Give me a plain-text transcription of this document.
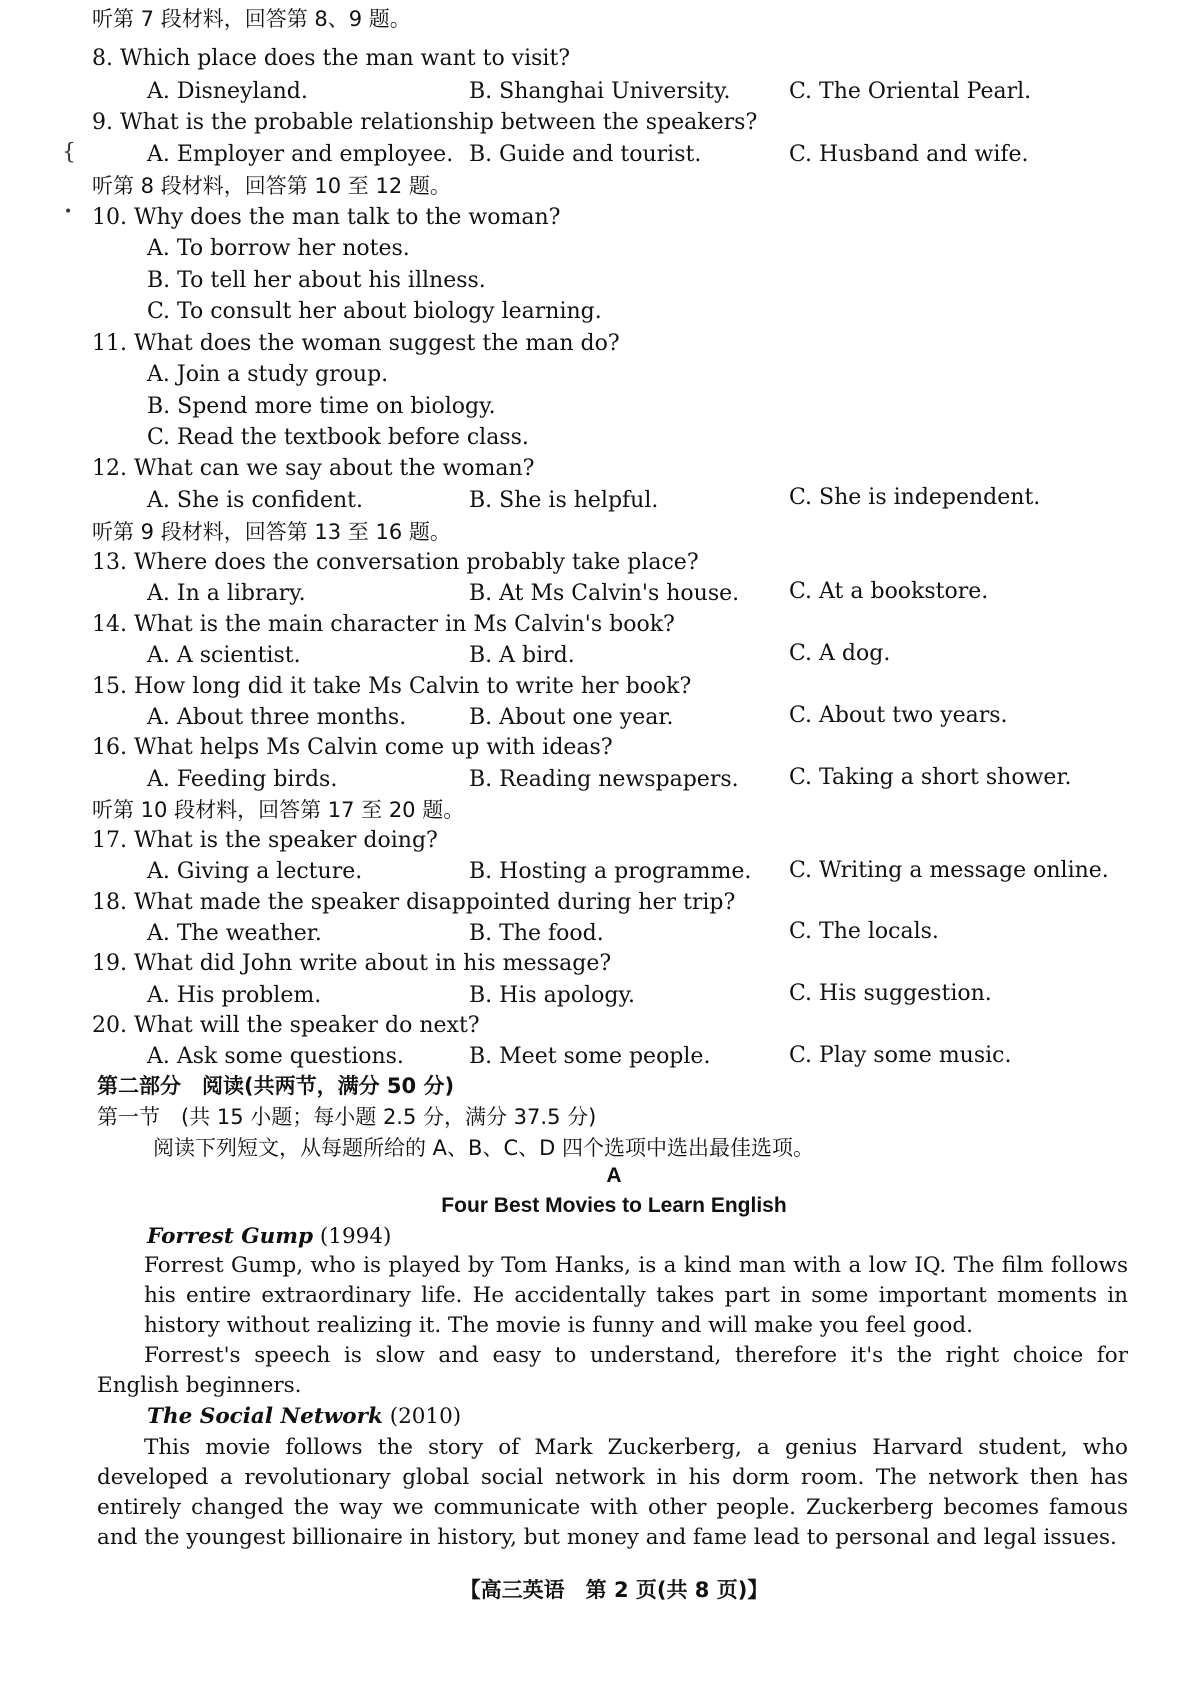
听第 7 段材料，回答第 8、9 题。
8. Which place does the man want to visit?
A. Disneyland.	B. Shanghai University.	C. The Oriental Pearl.
9. What is the probable relationship between the speakers?
{	A. Employer and employee. B. Guide and tourist.	C. Husband and wife.
听第 8 段材料，回答第 10 至 12 题。
• 10. Why does the man talk to the woman?
A. To borrow her notes.
B. To tell her about his illness.
C. To consult her about biology learning.
11. What does the woman suggest the man do?
A. Join a study group.
B. Spend more time on biology.
C. Read the textbook before class.
12. What can we say about the woman?
A. She is confident.	B. She is helpful.	C. She is independent.
听第 9 段材料，回答第 13 至 16 题。
13. Where does the conversation probably take place?
A. In a library.	B. At Ms Calvin's house. C. At a bookstore.
14. What is the main character in Ms Calvin's book?
A. A scientist.	B. A bird.	C. A dog.
15. How long did it take Ms Calvin to write her book?
A. About three months.	B. About one year.	C. About two years.
16. What helps Ms Calvin come up with ideas?
A. Feeding birds.	B. Reading newspapers. C. Taking a short shower.
听第 10 段材料，回答第 17 至 20 题。
17. What is the speaker doing?
A. Giving a lecture.	B. Hosting a programme. C. Writing a message online.
18. What made the speaker disappointed during her trip?
A. The weather.	B. The food.	C. The locals.
19. What did John write about in his message?
A. His problem.	B. His apology.	C. His suggestion.
20. What will the speaker do next?
A. Ask some questions.	B. Meet some people.	C. Play some music.
第二部分　阅读(共两节，满分 50 分)
第一节　(共 15 小题；每小题 2.5 分，满分 37.5 分)
阅读下列短文，从每题所给的 A、B、C、D 四个选项中选出最佳选项。
A
Four Best Movies to Learn English
Forrest Gump (1994)
Forrest Gump, who is played by Tom Hanks, is a kind man with a low IQ. The film follows his entire extraordinary life. He accidentally takes part in some important moments in history without realizing it. The movie is funny and will make you feel good.
Forrest's speech is slow and easy to understand, therefore it's the right choice for English beginners.
The Social Network (2010)
This movie follows the story of Mark Zuckerberg, a genius Harvard student, who developed a revolutionary global social network in his dorm room. The network then has entirely changed the way we communicate with other people. Zuckerberg becomes famous and the youngest billionaire in history, but money and fame lead to personal and legal issues.
【高三英语　第 2 页(共 8 页)】
